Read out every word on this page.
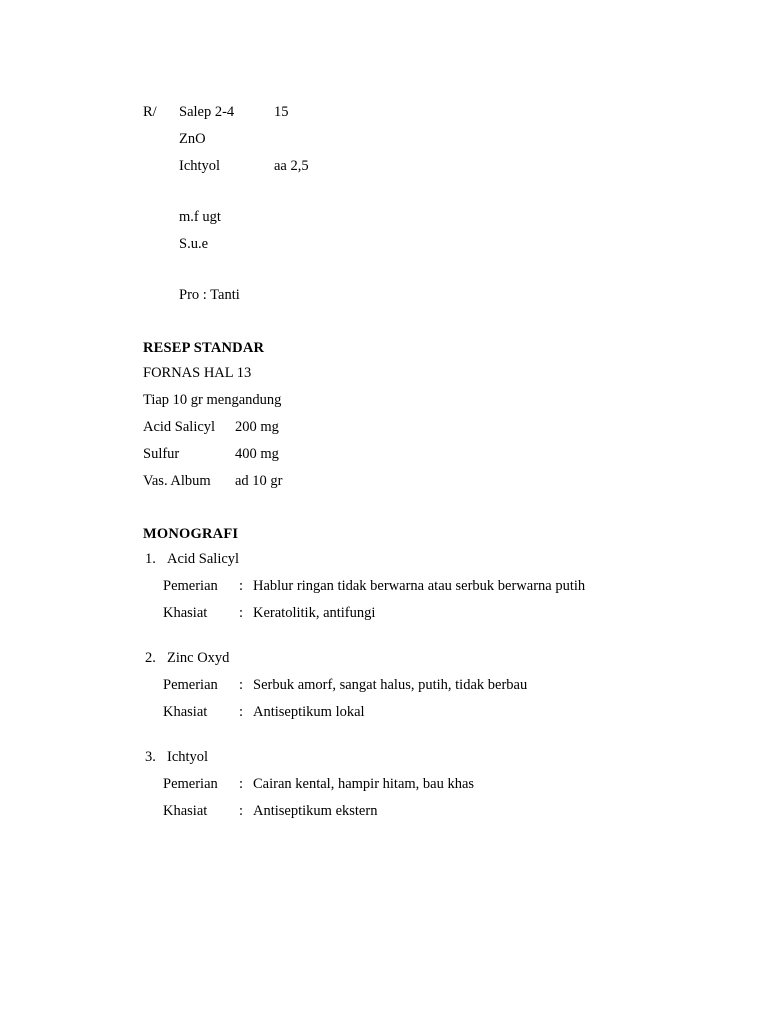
R/	Salep 2-4	15
ZnO
Ichtyol	aa 2,5
m.f ugt
S.u.e
Pro : Tanti
RESEP STANDAR
FORNAS HAL 13
Tiap 10 gr mengandung
Acid Salicyl	200 mg
Sulfur	400 mg
Vas. Album	ad 10 gr
MONOGRAFI
1. Acid Salicyl
Pemerian	: Hablur ringan tidak berwarna atau serbuk berwarna putih
Khasiat	: Keratolitik, antifungi
2. Zinc Oxyd
Pemerian	: Serbuk amorf, sangat halus, putih, tidak berbau
Khasiat	: Antiseptikum lokal
3. Ichtyol
Pemerian	: Cairan kental, hampir hitam, bau khas
Khasiat	: Antiseptikum ekstern
